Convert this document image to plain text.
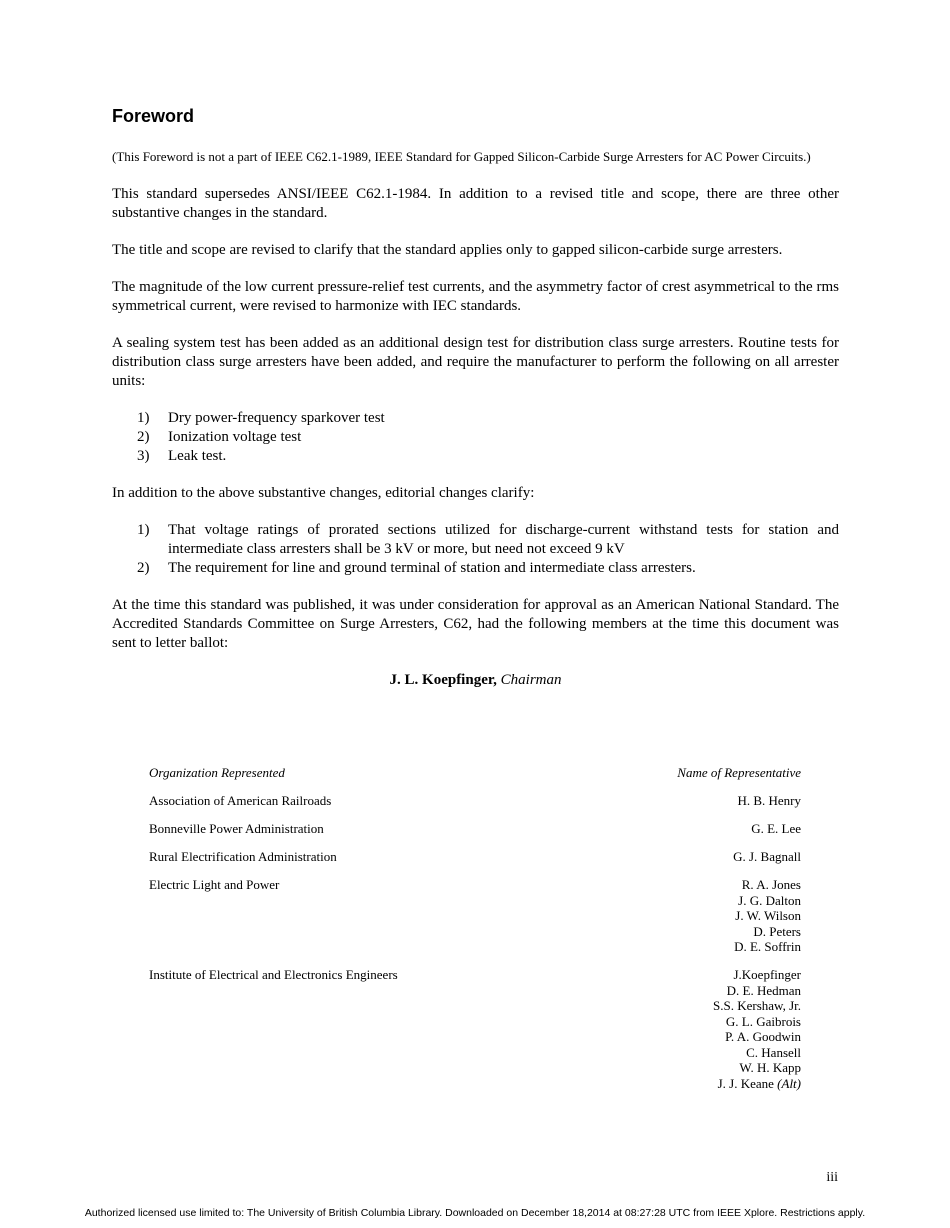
Foreword

(This Foreword is not a part of IEEE C62.1-1989, IEEE Standard for Gapped Silicon-Carbide Surge Arresters for AC Power Circuits.)

This standard supersedes ANSI/IEEE C62.1-1984. In addition to a revised title and scope, there are three other substantive changes in the standard.

The title and scope are revised to clarify that the standard applies only to gapped silicon-carbide surge arresters.

The magnitude of the low current pressure-relief test currents, and the asymmetry factor of crest asymmetrical to the rms symmetrical current, were revised to harmonize with IEC standards.

A sealing system test has been added as an additional design test for distribution class surge arresters. Routine tests for distribution class surge arresters have been added, and require the manufacturer to perform the following on all arrester units:

1)	Dry power-frequency sparkover test
2)	Ionization voltage test
3)	Leak test.

In addition to the above substantive changes, editorial changes clarify:

1)	That voltage ratings of prorated sections utilized for discharge-current withstand tests for station and intermediate class arresters shall be 3 kV or more, but need not exceed 9 kV
2)	The requirement for line and ground terminal of station and intermediate class arresters.

At the time this standard was published, it was under consideration for approval as an American National Standard. The Accredited Standards Committee on Surge Arresters, C62, had the following members at the time this document was sent to letter ballot:

J. L. Koepfinger, Chairman

Organization Represented	Name of Representative
Association of American Railroads	H. B. Henry
Bonneville Power Administration	G. E. Lee
Rural Electrification Administration	G. J. Bagnall
Electric Light and Power	R. A. Jones
J. G. Dalton
J. W. Wilson
D. Peters
D. E. Soffrin
Institute of Electrical and Electronics Engineers	J.Koepfinger
D. E. Hedman
S.S. Kershaw, Jr.
G. L. Gaibrois
P. A. Goodwin
C. Hansell
W. H. Kapp
J. J. Keane (Alt)
iii
Authorized licensed use limited to: The University of British Columbia Library. Downloaded on December 18,2014 at 08:27:28 UTC from IEEE Xplore. Restrictions apply.
